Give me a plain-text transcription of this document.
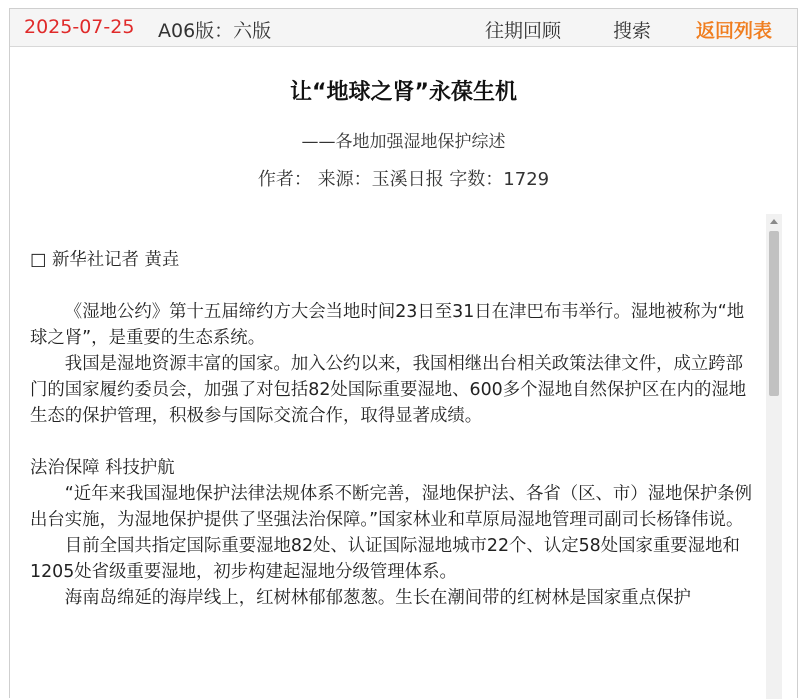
2025-07-25 A06版：六版	往期回顾	搜索 返回列表
让“地球之肾”永葆生机
——各地加强湿地保护综述
作者： 来源：玉溪日报 字数：1729

□ 新华社记者 黄垚

《湿地公约》第十五届缔约方大会当地时间23日至31日在津巴布韦举行。湿地被称为“地球之肾”，是重要的生态系统。

我国是湿地资源丰富的国家。加入公约以来，我国相继出台相关政策法律文件，成立跨部门的国家履约委员会，加强了对包括82处国际重要湿地、600多个湿地自然保护区在内的湿地生态的保护管理，积极参与国际交流合作，取得显著成绩。

法治保障 科技护航

“近年来我国湿地保护法律法规体系不断完善，湿地保护法、各省（区、市）湿地保护条例出台实施，为湿地保护提供了坚强法治保障。”国家林业和草原局湿地管理司副司长杨锋伟说。

目前全国共指定国际重要湿地82处、认证国际湿地城市22个、认定58处国家重要湿地和1205处省级重要湿地，初步构建起湿地分级管理体系。

海南岛绵延的海岸线上，红树林郁郁葱葱。生长在潮间带的红树林是国家重点保护
